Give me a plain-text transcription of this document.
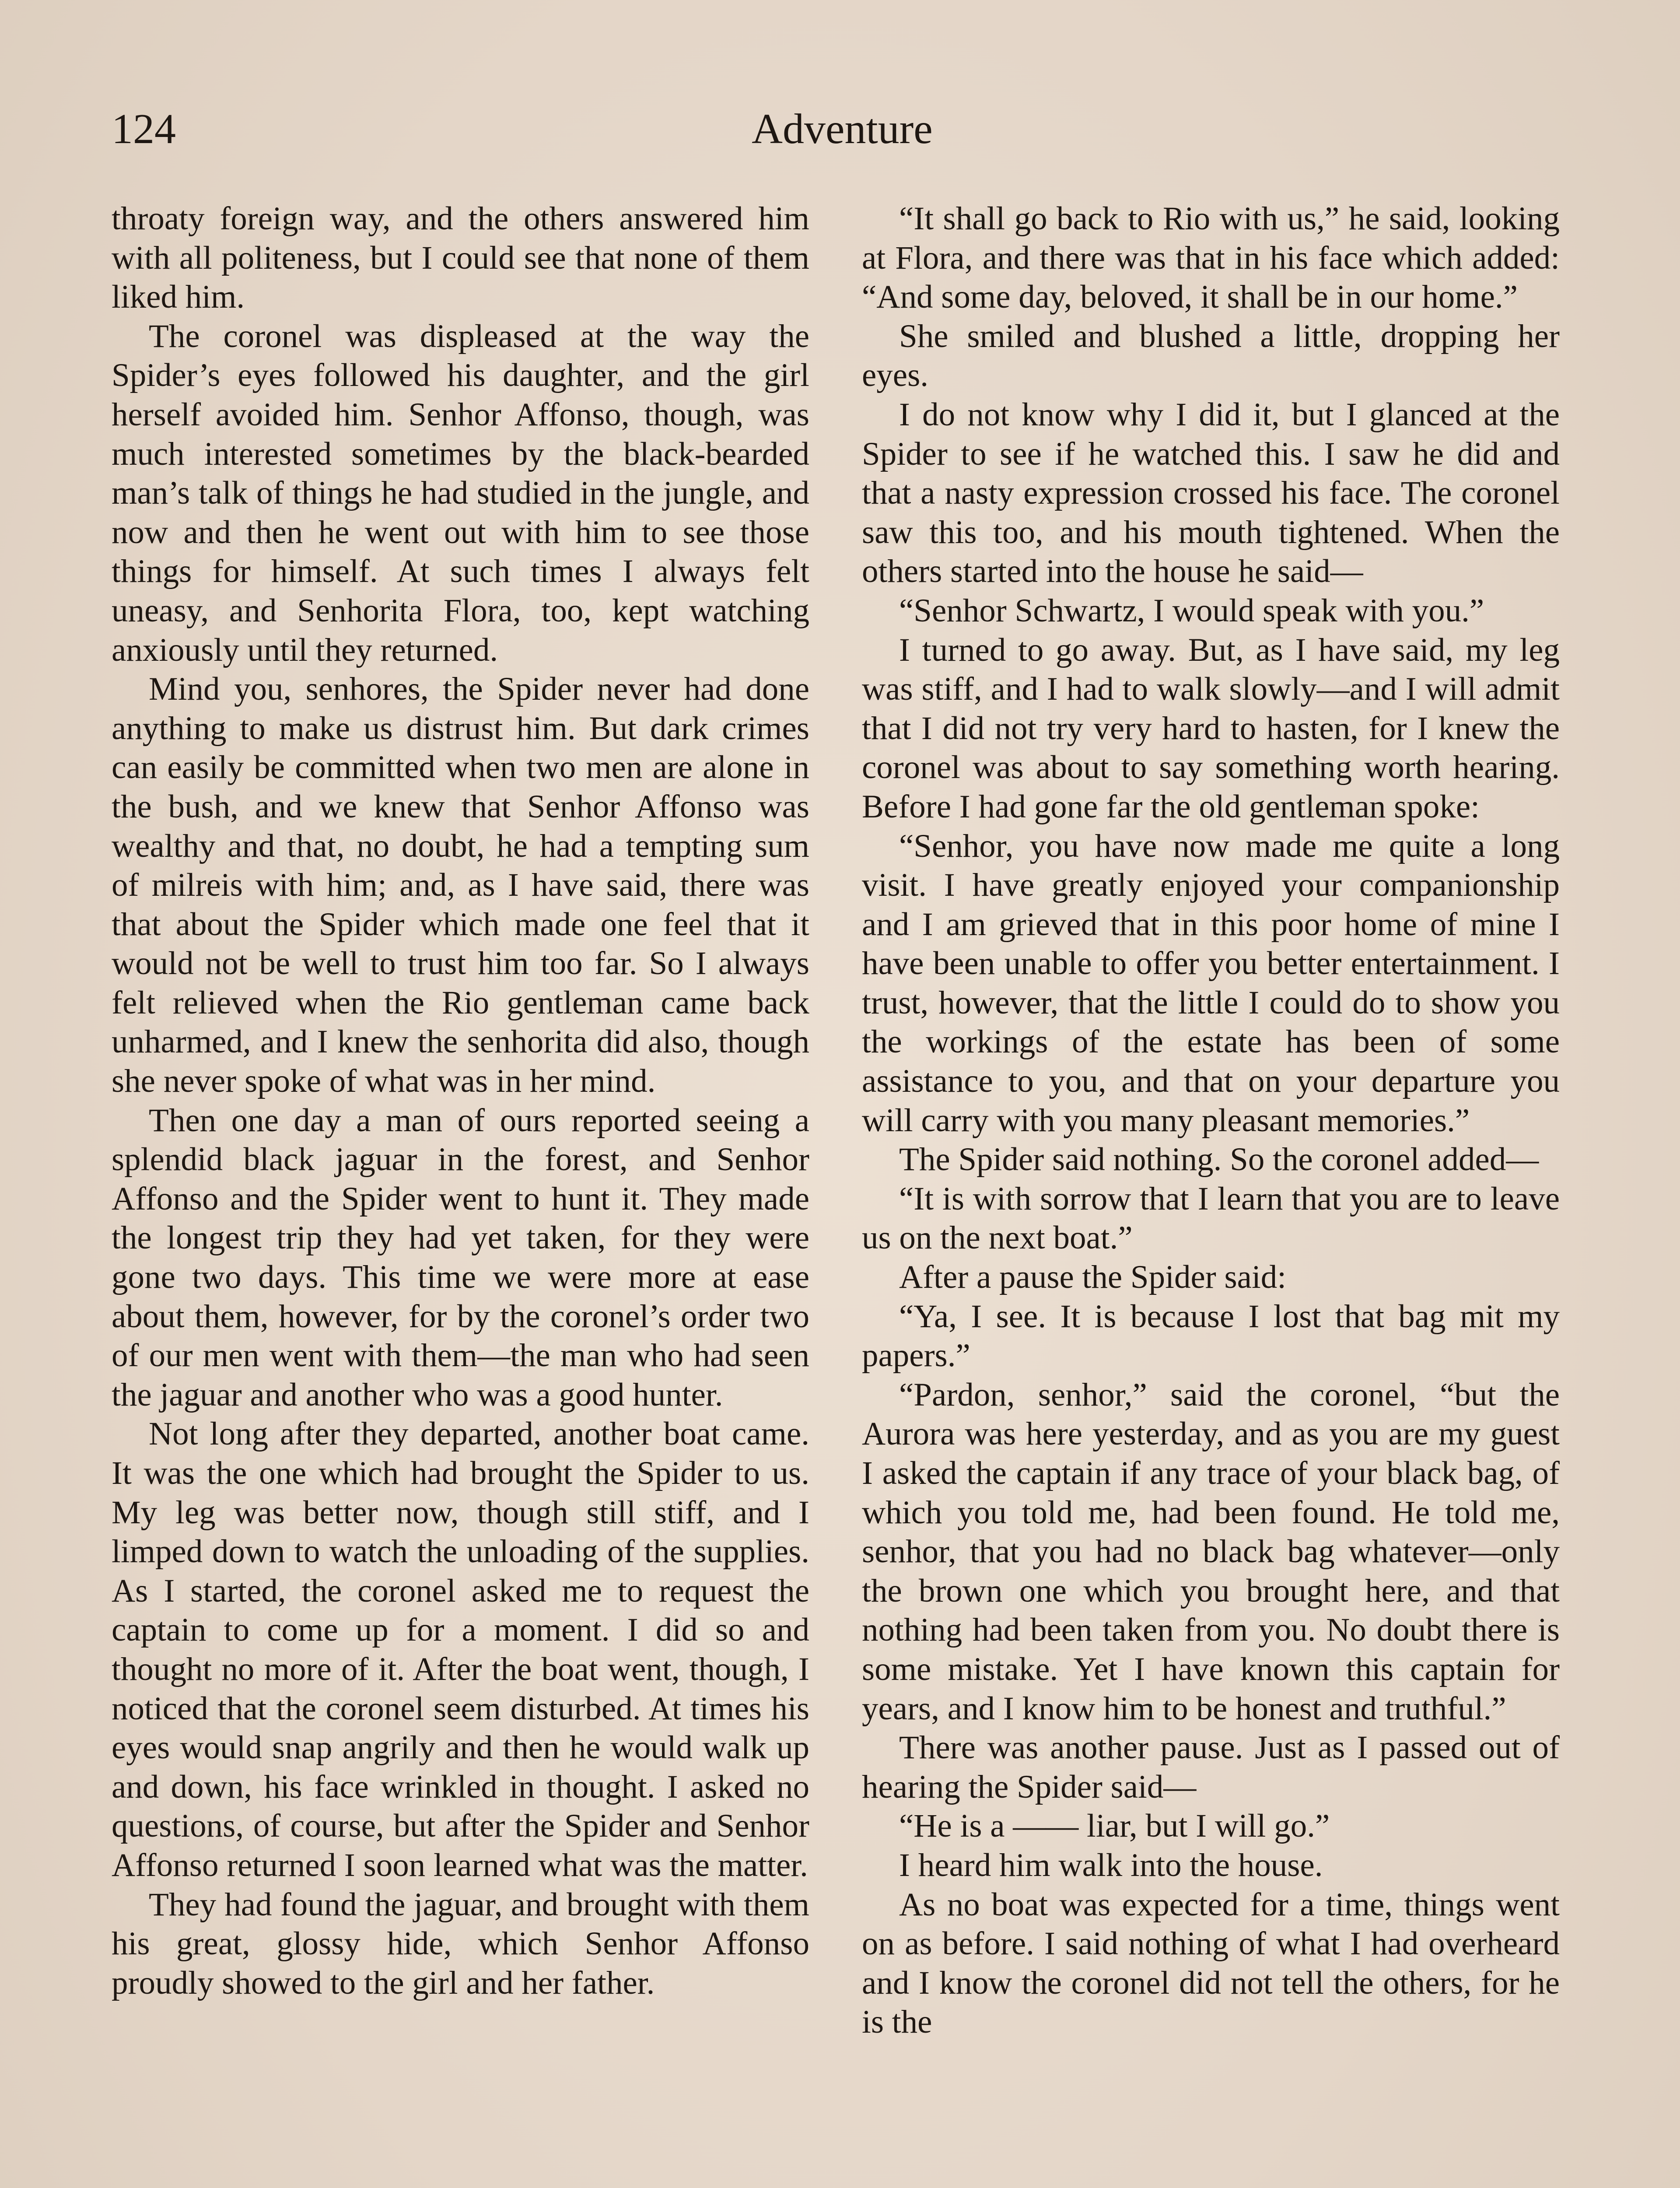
124	Adventure

throaty foreign way, and the others answered him with all politeness, but I could see that none of them liked him.

The coronel was displeased at the way the Spider’s eyes followed his daughter, and the girl herself avoided him. Senhor Affonso, though, was much interested sometimes by the black-bearded man’s talk of things he had studied in the jungle, and now and then he went out with him to see those things for himself. At such times I always felt uneasy, and Senhorita Flora, too, kept watching anxiously until they returned.

Mind you, senhores, the Spider never had done anything to make us distrust him. But dark crimes can easily be committed when two men are alone in the bush, and we knew that Senhor Affonso was wealthy and that, no doubt, he had a tempting sum of milreis with him; and, as I have said, there was that about the Spider which made one feel that it would not be well to trust him too far. So I always felt relieved when the Rio gentleman came back unharmed, and I knew the senhorita did also, though she never spoke of what was in her mind.

Then one day a man of ours reported seeing a splendid black jaguar in the forest, and Senhor Affonso and the Spider went to hunt it. They made the longest trip they had yet taken, for they were gone two days. This time we were more at ease about them, however, for by the coronel’s order two of our men went with them—the man who had seen the jaguar and another who was a good hunter.

Not long after they departed, another boat came. It was the one which had brought the Spider to us. My leg was better now, though still stiff, and I limped down to watch the unloading of the supplies. As I started, the coronel asked me to request the captain to come up for a moment. I did so and thought no more of it. After the boat went, though, I noticed that the coronel seem disturbed. At times his eyes would snap angrily and then he would walk up and down, his face wrinkled in thought. I asked no questions, of course, but after the Spider and Senhor Affonso returned I soon learned what was the matter.

They had found the jaguar, and brought with them his great, glossy hide, which Senhor Affonso proudly showed to the girl and her father.

“It shall go back to Rio with us,” he said, looking at Flora, and there was that in his face which added: “And some day, beloved, it shall be in our home.”

She smiled and blushed a little, dropping her eyes.

I do not know why I did it, but I glanced at the Spider to see if he watched this. I saw he did and that a nasty expression crossed his face. The coronel saw this too, and his mouth tightened. When the others started into the house he said—

“Senhor Schwartz, I would speak with you.”

I turned to go away. But, as I have said, my leg was stiff, and I had to walk slowly—and I will admit that I did not try very hard to hasten, for I knew the coronel was about to say something worth hearing. Before I had gone far the old gentleman spoke:

“Senhor, you have now made me quite a long visit. I have greatly enjoyed your companionship and I am grieved that in this poor home of mine I have been unable to offer you better entertainment. I trust, however, that the little I could do to show you the workings of the estate has been of some assistance to you, and that on your departure you will carry with you many pleasant memories.”

The Spider said nothing. So the coronel added—

“It is with sorrow that I learn that you are to leave us on the next boat.”

After a pause the Spider said:

“Ya, I see. It is because I lost that bag mit my papers.”

“Pardon, senhor,” said the coronel, “but the Aurora was here yesterday, and as you are my guest I asked the captain if any trace of your black bag, of which you told me, had been found. He told me, senhor, that you had no black bag whatever—only the brown one which you brought here, and that nothing had been taken from you. No doubt there is some mistake. Yet I have known this captain for years, and I know him to be honest and truthful.”

There was another pause. Just as I passed out of hearing the Spider said—

“He is a —— liar, but I will go.”

I heard him walk into the house.

As no boat was expected for a time, things went on as before. I said nothing of what I had overheard and I know the coronel did not tell the others, for he is the
